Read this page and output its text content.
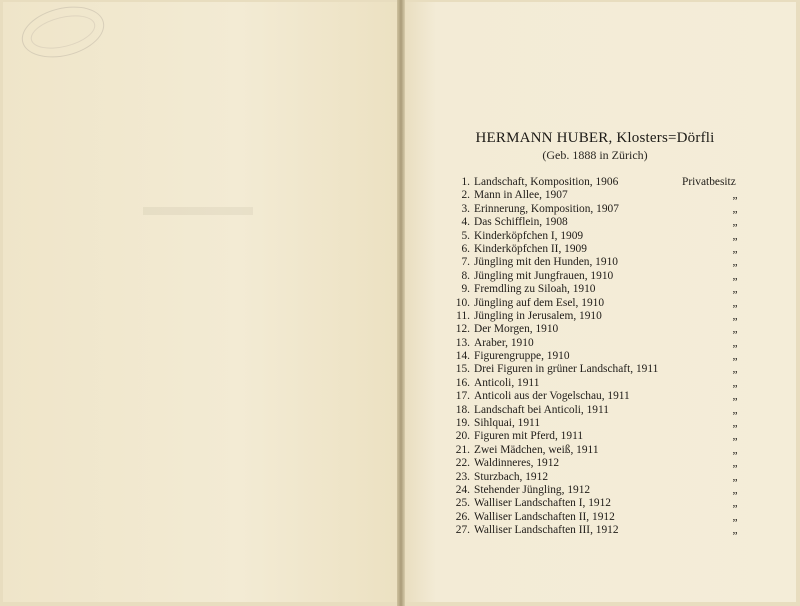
HERMANN HUBER, Klosters=Dörfli
(Geb. 1888 in Zürich)
1. Landschaft, Komposition, 1906	Privatbesitz
2. Mann in Allee, 1907	„
3. Erinnerung, Komposition, 1907	„
4. Das Schifflein, 1908	„
5. Kinderköpfchen I, 1909	„
6. Kinderköpfchen II, 1909	„
7. Jüngling mit den Hunden, 1910	„
8. Jüngling mit Jungfrauen, 1910	„
9. Fremdling zu Siloah, 1910	„
10. Jüngling auf dem Esel, 1910	„
11. Jüngling in Jerusalem, 1910	„
12. Der Morgen, 1910	„
13. Araber, 1910	„
14. Figurengruppe, 1910	„
15. Drei Figuren in grüner Landschaft, 1911	„
16. Anticoli, 1911	„
17. Anticoli aus der Vogelschau, 1911	„
18. Landschaft bei Anticoli, 1911	„
19. Sihlquai, 1911	„
20. Figuren mit Pferd, 1911	„
21. Zwei Mädchen, weiß, 1911	„
22. Waldinneres, 1912	„
23. Sturzbach, 1912	„
24. Stehender Jüngling, 1912	„
25. Walliser Landschaften I, 1912	„
26. Walliser Landschaften II, 1912	„
27. Walliser Landschaften III, 1912	„
